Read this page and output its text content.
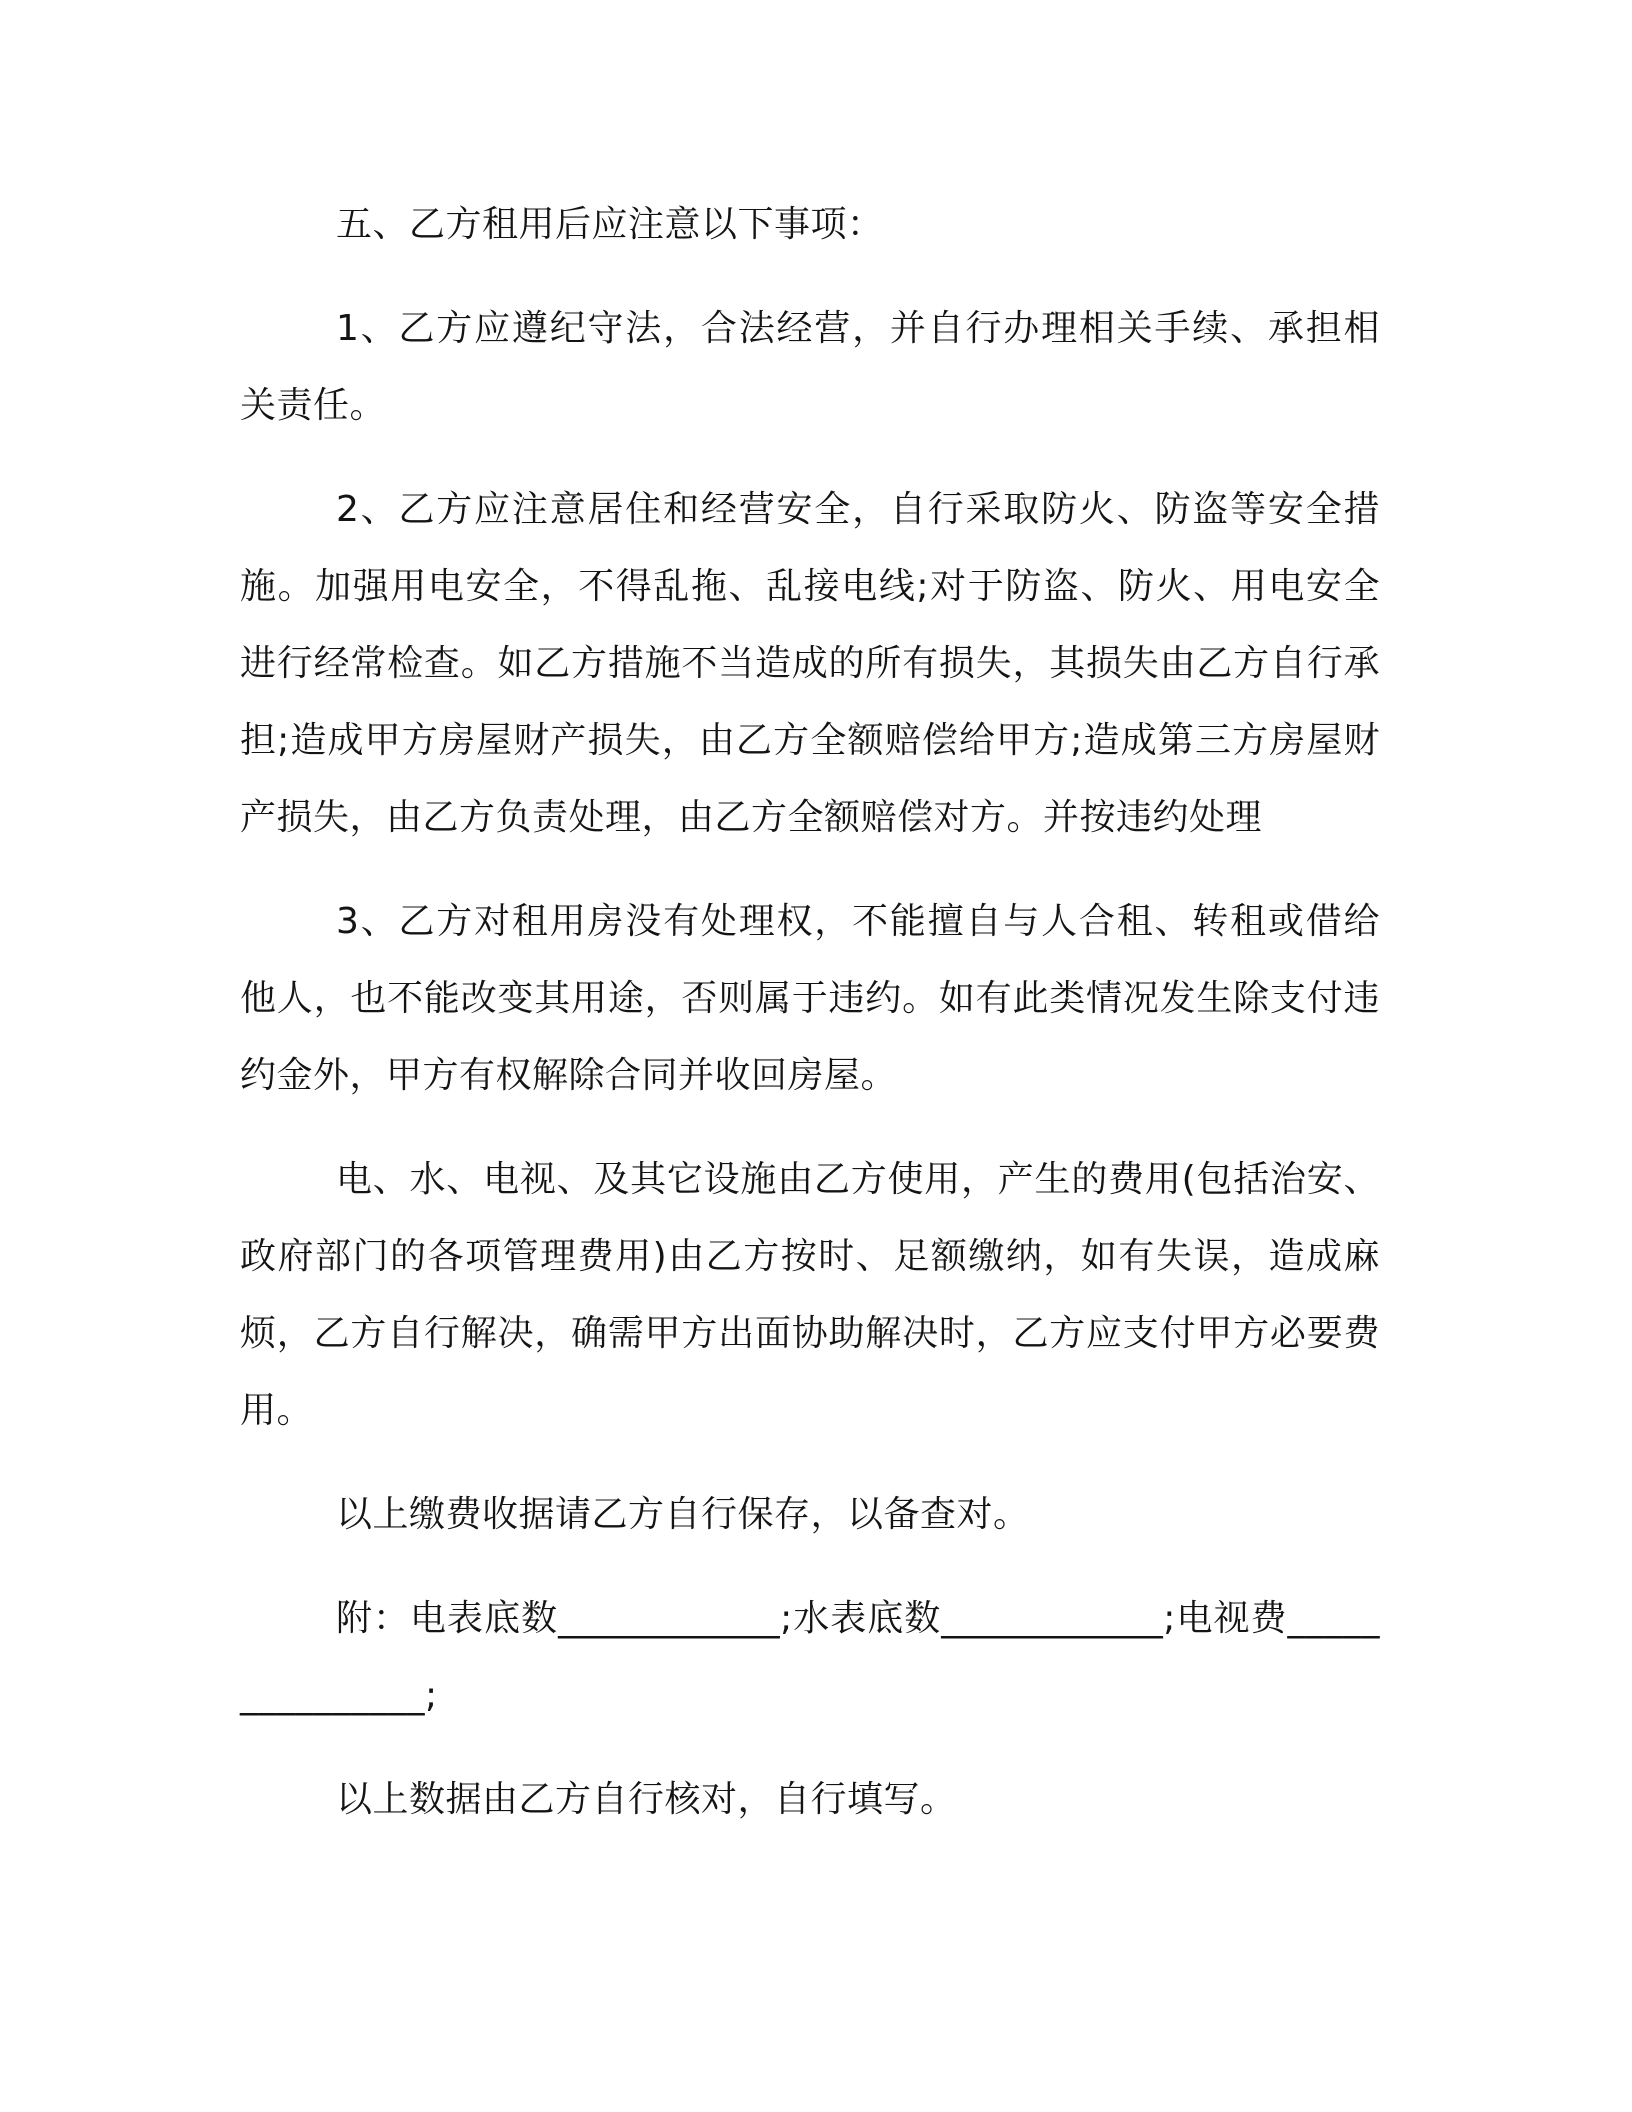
五、乙方租用后应注意以下事项：

1、乙方应遵纪守法，合法经营，并自行办理相关手续、承担相关责任。

2、乙方应注意居住和经营安全，自行采取防火、防盗等安全措施。加强用电安全，不得乱拖、乱接电线;对于防盗、防火、用电安全进行经常检查。如乙方措施不当造成的所有损失，其损失由乙方自行承担;造成甲方房屋财产损失，由乙方全额赔偿给甲方;造成第三方房屋财产损失，由乙方负责处理，由乙方全额赔偿对方。并按违约处理

3、乙方对租用房没有处理权，不能擅自与人合租、转租或借给他人，也不能改变其用途，否则属于违约。如有此类情况发生除支付违约金外，甲方有权解除合同并收回房屋。

电、水、电视、及其它设施由乙方使用，产生的费用(包括治安、政府部门的各项管理费用)由乙方按时、足额缴纳，如有失误，造成麻烦，乙方自行解决，确需甲方出面协助解决时，乙方应支付甲方必要费用。

以上缴费收据请乙方自行保存，以备查对。

附：电表底数____________;水表底数____________;电视费_______________;

以上数据由乙方自行核对，自行填写。
